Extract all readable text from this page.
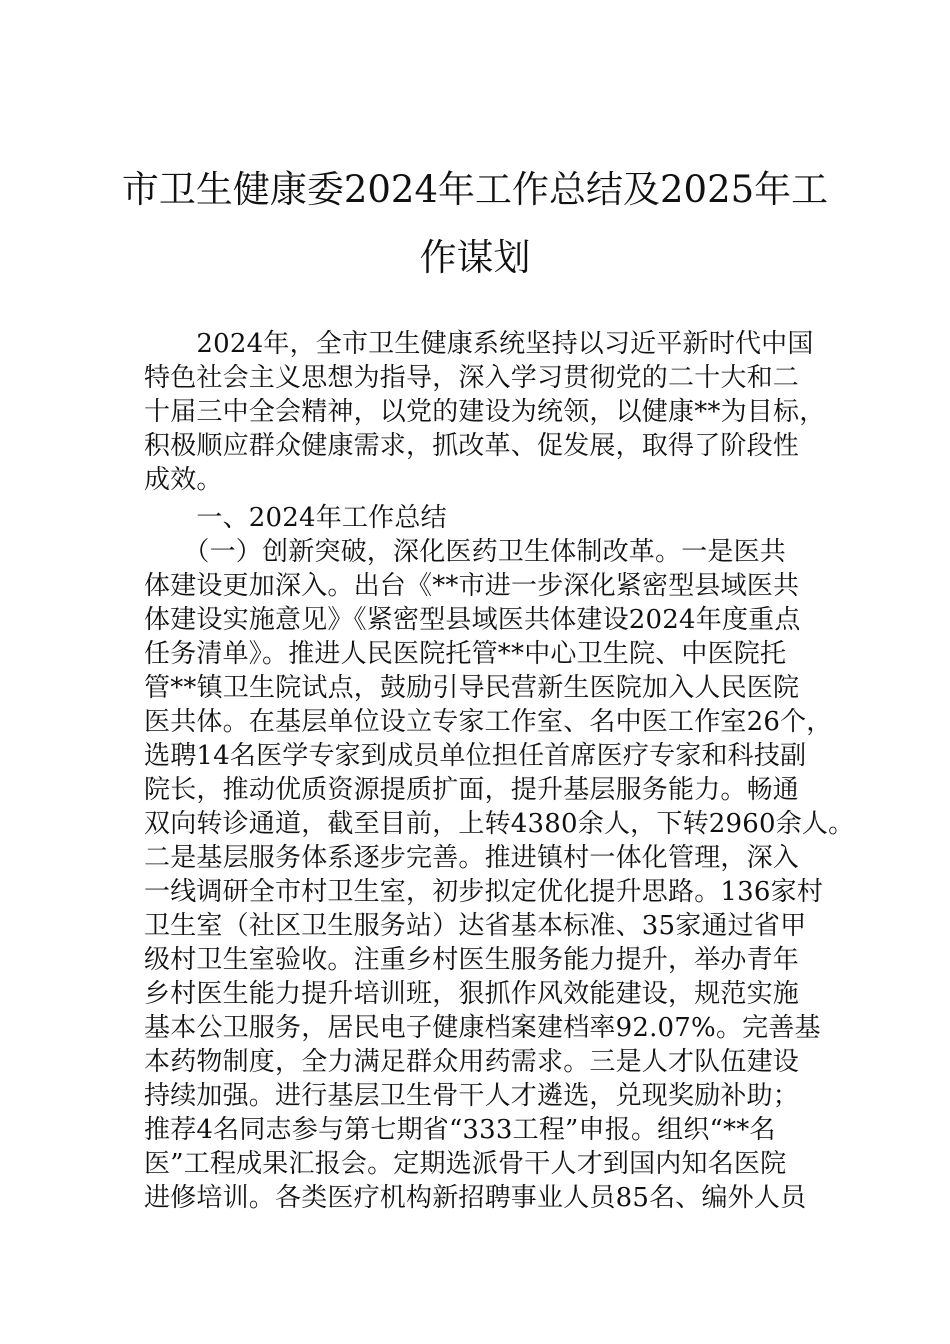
市卫生健康委2024年工作总结及2025年工
作谋划
　　2024年，全市卫生健康系统坚持以习近平新时代中国
特色社会主义思想为指导，深入学习贯彻党的二十大和二
十届三中全会精神，以党的建设为统领，以健康**为目标，
积极顺应群众健康需求，抓改革、促发展，取得了阶段性
成效。
　　一、2024年工作总结
　　（一）创新突破，深化医药卫生体制改革。一是医共
体建设更加深入。出台《**市进一步深化紧密型县域医共
体建设实施意见》《紧密型县域医共体建设2024年度重点
任务清单》。推进人民医院托管**中心卫生院、中医院托
管**镇卫生院试点，鼓励引导民营新生医院加入人民医院
医共体。在基层单位设立专家工作室、名中医工作室26个，
选聘14名医学专家到成员单位担任首席医疗专家和科技副
院长，推动优质资源提质扩面，提升基层服务能力。畅通
双向转诊通道，截至目前，上转4380余人，下转2960余人。
二是基层服务体系逐步完善。推进镇村一体化管理，深入
一线调研全市村卫生室，初步拟定优化提升思路。136家村
卫生室（社区卫生服务站）达省基本标准、35家通过省甲
级村卫生室验收。注重乡村医生服务能力提升，举办青年
乡村医生能力提升培训班，狠抓作风效能建设，规范实施
基本公卫服务，居民电子健康档案建档率92.07%。完善基
本药物制度，全力满足群众用药需求。三是人才队伍建设
持续加强。进行基层卫生骨干人才遴选，兑现奖励补助；
推荐4名同志参与第七期省“333工程”申报。组织“**名
医”工程成果汇报会。定期选派骨干人才到国内知名医院
进修培训。各类医疗机构新招聘事业人员85名、编外人员
